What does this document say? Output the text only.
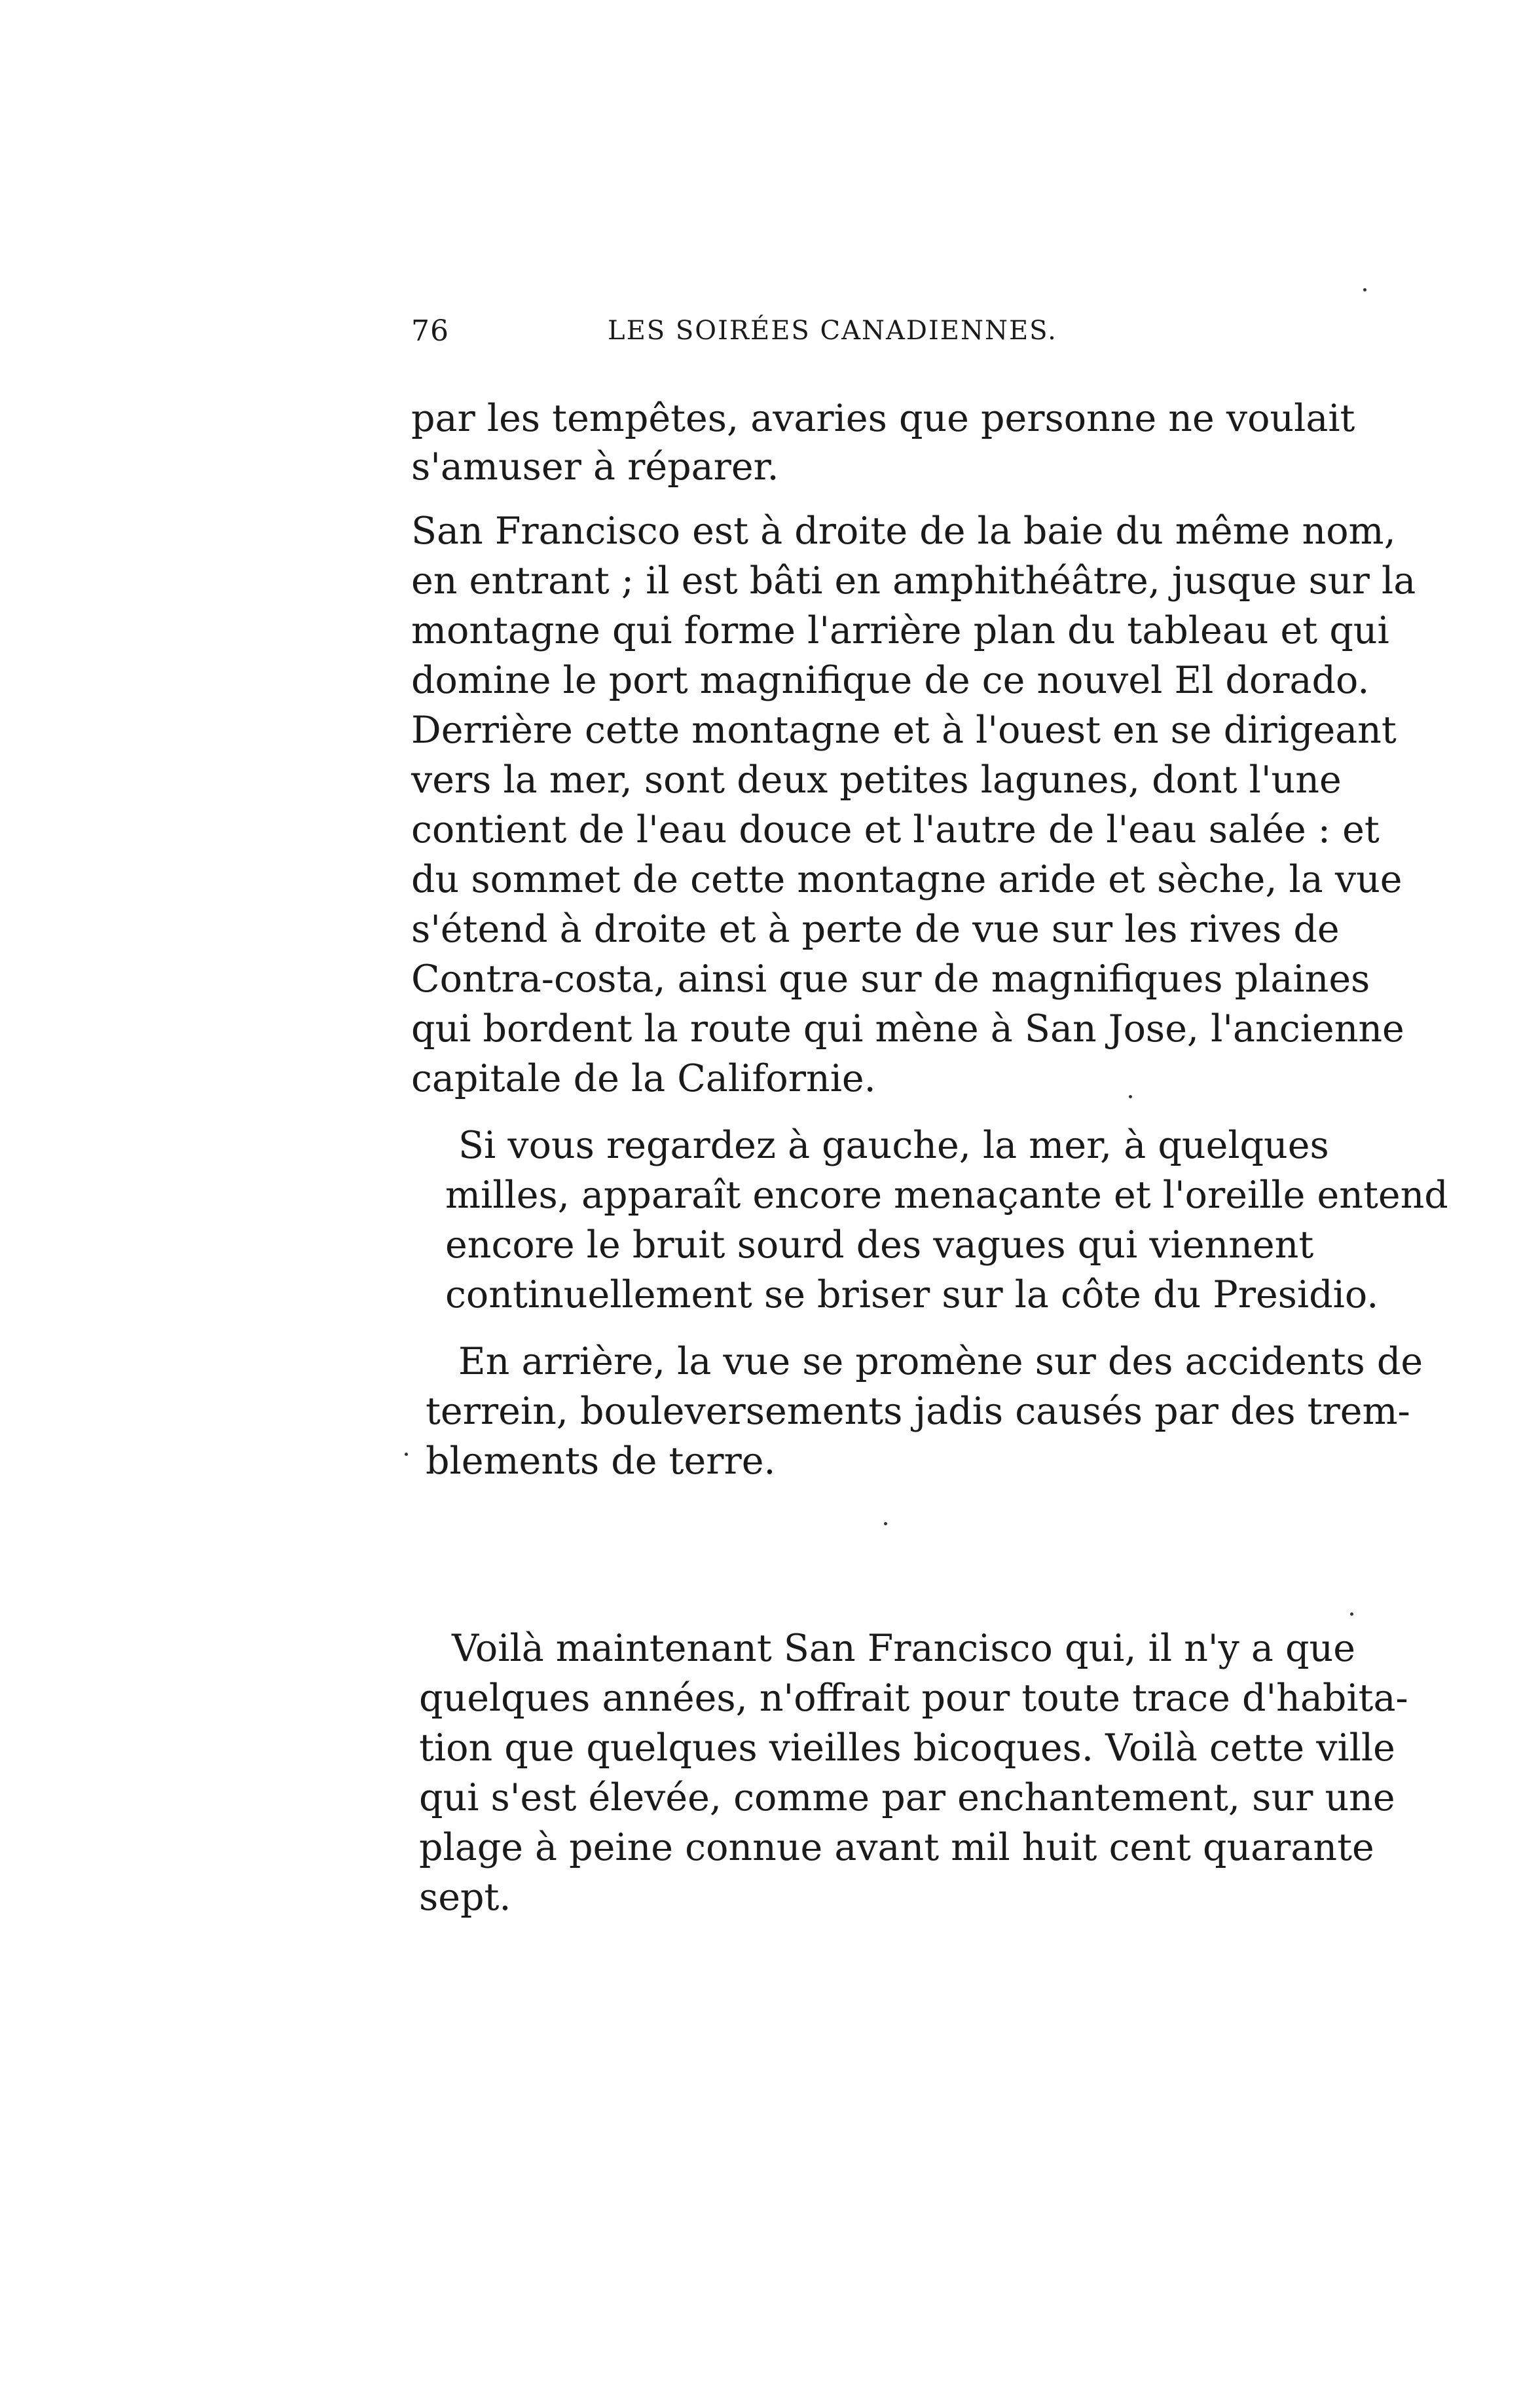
76	LES SOIRÉES CANADIENNES.
par les tempêtes, avaries que personne ne voulait
s'amuser à réparer.
San Francisco est à droite de la baie du même nom,
en entrant ; il est bâti en amphithéâtre, jusque sur la
montagne qui forme l'arrière plan du tableau et qui
domine le port magnifique de ce nouvel El dorado.
Derrière cette montagne et à l'ouest en se dirigeant
vers la mer, sont deux petites lagunes, dont l'une
contient de l'eau douce et l'autre de l'eau salée : et
du sommet de cette montagne aride et sèche, la vue
s'étend à droite et à perte de vue sur les rives de
Contra-costa, ainsi que sur de magnifiques plaines
qui bordent la route qui mène à San Jose, l'ancienne
capitale de la Californie.
Si vous regardez à gauche, la mer, à quelques
milles, apparaît encore menaçante et l'oreille entend
encore le bruit sourd des vagues qui viennent
continuellement se briser sur la côte du Presidio.
En arrière, la vue se promène sur des accidents de
terrein, bouleversements jadis causés par des trem-
blements de terre.
Voilà maintenant San Francisco qui, il n'y a que
quelques années, n'offrait pour toute trace d'habita-
tion que quelques vieilles bicoques. Voilà cette ville
qui s'est élevée, comme par enchantement, sur une
plage à peine connue avant mil huit cent quarante
sept.
